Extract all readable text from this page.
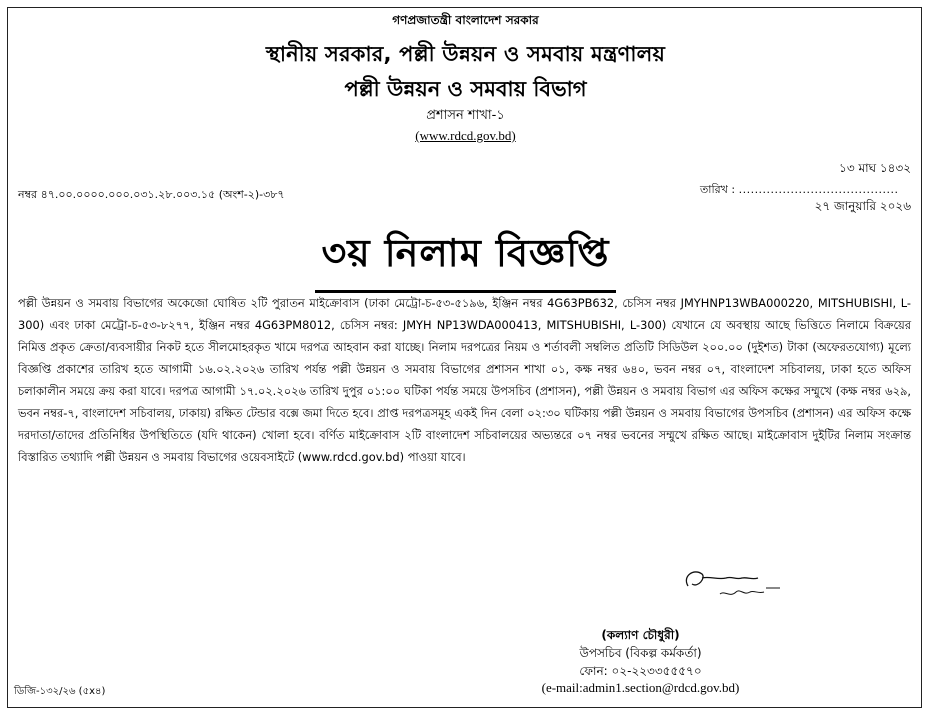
গণপ্রজাতন্ত্রী বাংলাদেশ সরকার
স্থানীয় সরকার, পল্লী উন্নয়ন ও সমবায় মন্ত্রণালয়
পল্লী উন্নয়ন ও সমবায় বিভাগ
প্রশাসন শাখা-১
(www.rdcd.gov.bd)
১৩ মাঘ ১৪৩২
নম্বর ৪৭.০০.০০০০.০০০.০৩১.২৮.০০৩.১৫ (অংশ-২)-৩৮৭	তারিখ : ........................................
২৭ জানুয়ারি ২০২৬
৩য় নিলাম বিজ্ঞপ্তি
পল্লী উন্নয়ন ও সমবায় বিভাগের অকেজো ঘোষিত ২টি পুরাতন মাইক্রোবাস (ঢাকা মেট্রো-চ-৫৩-৫১৯৬, ইঞ্জিন নম্বর 4G63PB632, চেসিস নম্বর JMYHNP13WBA000220, MITSHUBISHI, L-300) এবং ঢাকা মেট্রো-চ-৫৩-৮২৭৭, ইঞ্জিন নম্বর 4G63PM8012, চেসিস নম্বর: JMYH NP13WDA000413, MITSHUBISHI, L-300) যেখানে যে অবস্থায় আছে ভিত্তিতে নিলামে বিক্রয়ের নিমিত্ত প্রকৃত ক্রেতা/ব্যবসায়ীর নিকট হতে সীলমোহরকৃত খামে দরপত্র আহবান করা যাচ্ছে। নিলাম দরপত্রের নিয়ম ও শর্তাবলী সম্বলিত প্রতিটি সিডিউল ২০০.০০ (দুইশত) টাকা (অফেরতযোগ্য) মূল্যে বিজ্ঞপ্তি প্রকাশের তারিখ হতে আগামী ১৬.০২.২০২৬ তারিখ পর্যন্ত পল্লী উন্নয়ন ও সমবায় বিভাগের প্রশাসন শাখা ০১, কক্ষ নম্বর ৬৪০, ভবন নম্বর ০৭, বাংলাদেশ সচিবালয়, ঢাকা হতে অফিস চলাকালীন সময়ে ক্রয় করা যাবে। দরপত্র আগামী ১৭.০২.২০২৬ তারিখ দুপুর ০১:০০ ঘটিকা পর্যন্ত সময়ে উপসচিব (প্রশাসন), পল্লী উন্নয়ন ও সমবায় বিভাগ এর অফিস কক্ষের সম্মুখে (কক্ষ নম্বর ৬২৯, ভবন নম্বর-৭, বাংলাদেশ সচিবালয়, ঢাকায়) রক্ষিত টেন্ডার বক্সে জমা দিতে হবে। প্রাপ্ত দরপত্রসমূহ একই দিন বেলা ০২:৩০ ঘটিকায় পল্লী উন্নয়ন ও সমবায় বিভাগের উপসচিব (প্রশাসন) এর অফিস কক্ষে দরদাতা/তাদের প্রতিনিধির উপস্থিতিতে (যদি থাকেন) খোলা হবে। বর্ণিত মাইক্রোবাস ২টি বাংলাদেশ সচিবালয়ের অভ্যন্তরে ০৭ নম্বর ভবনের সম্মুখে রক্ষিত আছে। মাইক্রোবাস দুইটির নিলাম সংক্রান্ত বিস্তারিত তথ্যাদি পল্লী উন্নয়ন ও সমবায় বিভাগের ওয়েবসাইটে (www.rdcd.gov.bd) পাওয়া যাবে।
(কল্যাণ চৌধুরী)
উপসচিব (বিকল্প কর্মকর্তা)
ফোন: ০২-২২৩৩৫৫৫৭০
(e-mail:admin1.section@rdcd.gov.bd)
ডিজি-১৩২/২৬ (৫x৪)
